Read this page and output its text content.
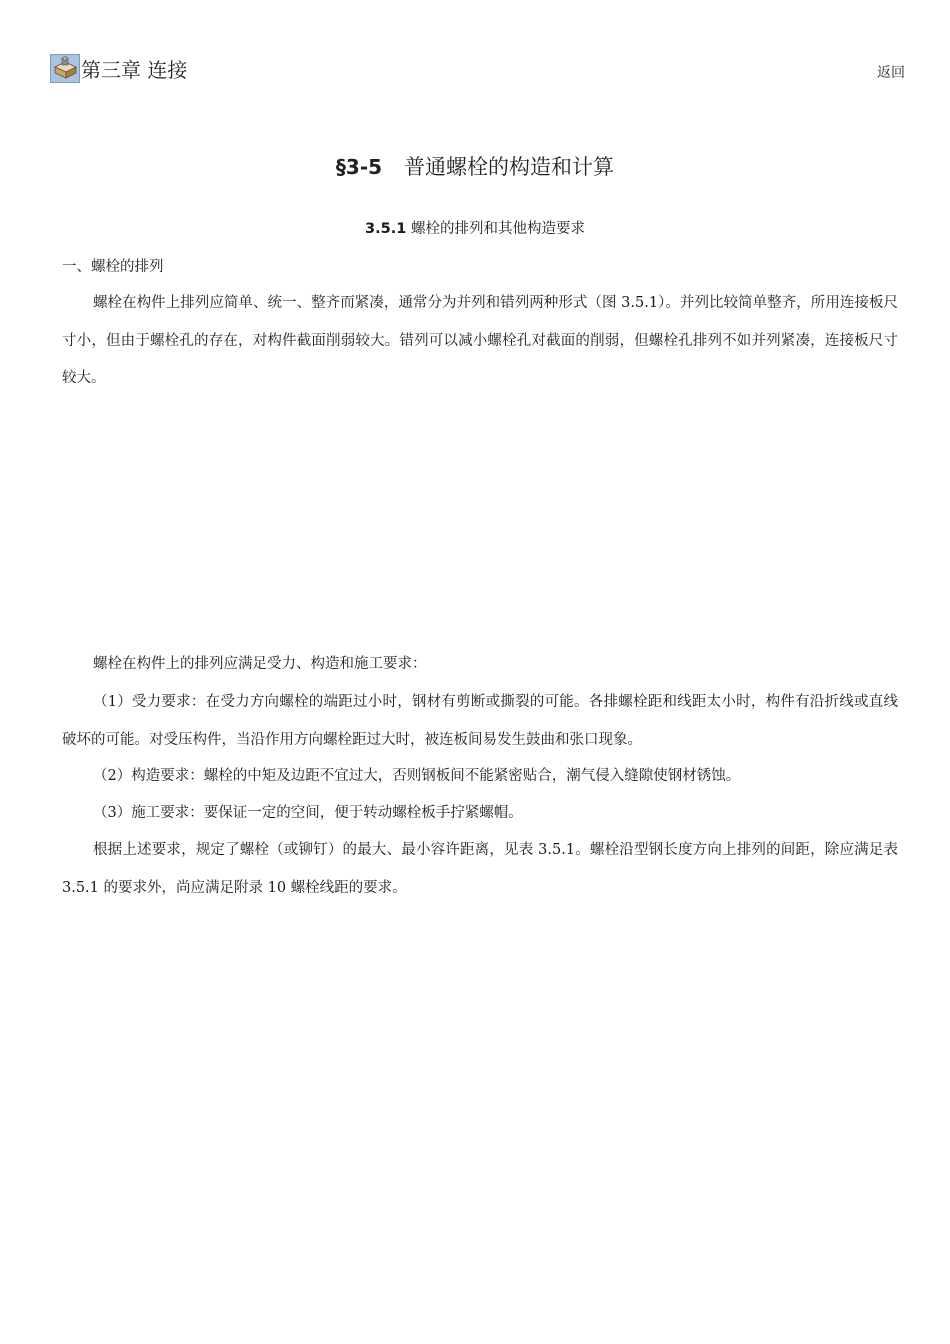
第三章 连接	返回
§3-5 普通螺栓的构造和计算
3.5.1 螺栓的排列和其他构造要求
一、螺栓的排列

螺栓在构件上排列应简单、统一、整齐而紧凑，通常分为并列和错列两种形式（图 3.5.1）。并列比较简单整齐，所用连接板尺寸小，但由于螺栓孔的存在，对构件截面削弱较大。错列可以减小螺栓孔对截面的削弱，但螺栓孔排列不如并列紧凑，连接板尺寸较大。

螺栓在构件上的排列应满足受力、构造和施工要求：

（1）受力要求：在受力方向螺栓的端距过小时，钢材有剪断或撕裂的可能。各排螺栓距和线距太小时，构件有沿折线或直线破坏的可能。对受压构件，当沿作用方向螺栓距过大时，被连板间易发生鼓曲和张口现象。

（2）构造要求：螺栓的中矩及边距不宜过大，否则钢板间不能紧密贴合，潮气侵入缝隙使钢材锈蚀。

（3）施工要求：要保证一定的空间，便于转动螺栓板手拧紧螺帽。

根据上述要求，规定了螺栓（或铆钉）的最大、最小容许距离，见表 3.5.1。螺栓沿型钢长度方向上排列的间距，除应满足表 3.5.1 的要求外，尚应满足附录 10 螺栓线距的要求。
